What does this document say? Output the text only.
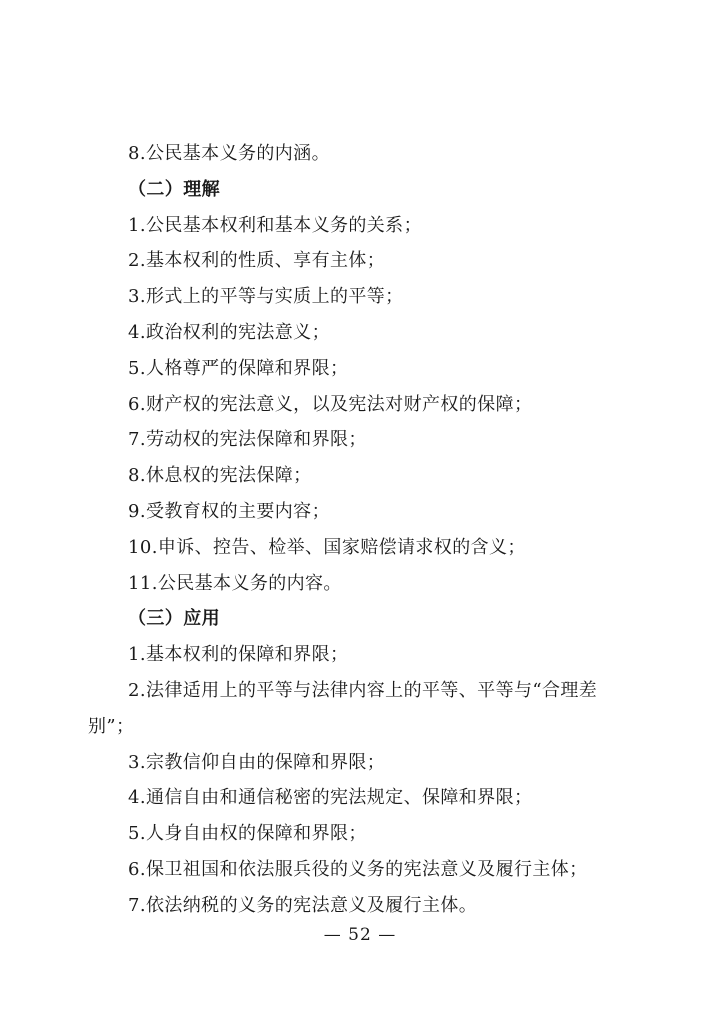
8.公民基本义务的内涵。
（二）理解
1.公民基本权利和基本义务的关系；
2.基本权利的性质、享有主体；
3.形式上的平等与实质上的平等；
4.政治权利的宪法意义；
5.人格尊严的保障和界限；
6.财产权的宪法意义，以及宪法对财产权的保障；
7.劳动权的宪法保障和界限；
8.休息权的宪法保障；
9.受教育权的主要内容；
10.申诉、控告、检举、国家赔偿请求权的含义；
11.公民基本义务的内容。
（三）应用
1.基本权利的保障和界限；
2.法律适用上的平等与法律内容上的平等、平等与“合理差
别”；
3.宗教信仰自由的保障和界限；
4.通信自由和通信秘密的宪法规定、保障和界限；
5.人身自由权的保障和界限；
6.保卫祖国和依法服兵役的义务的宪法意义及履行主体；
7.依法纳税的义务的宪法意义及履行主体。
— 52 —
